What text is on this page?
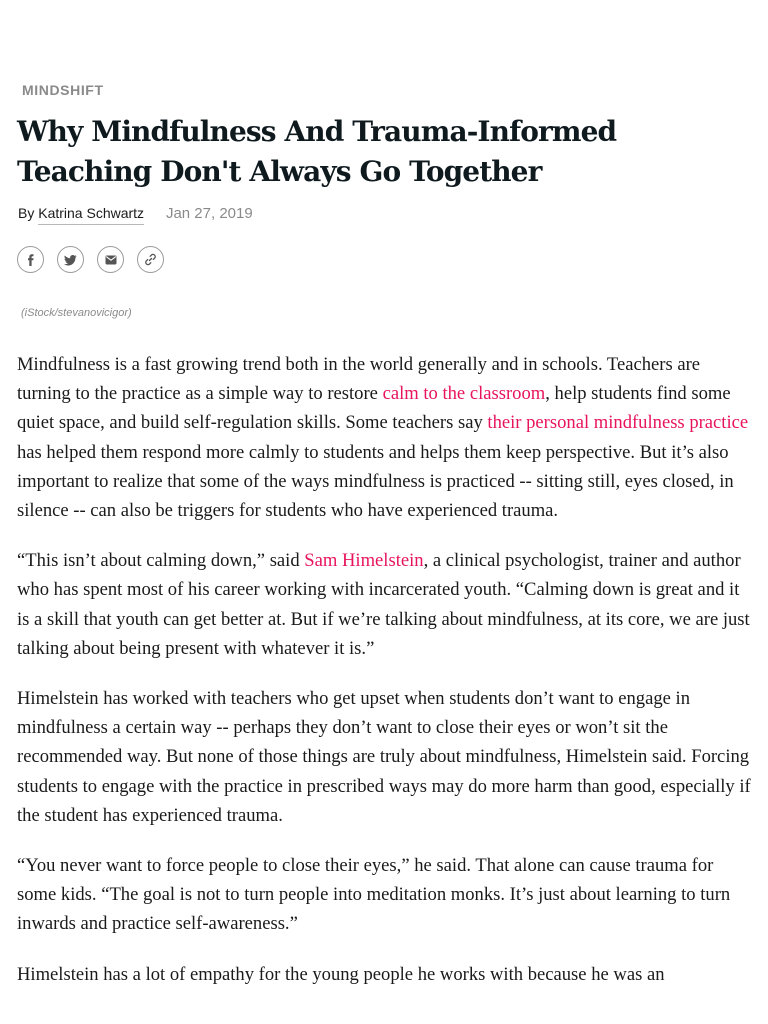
MINDSHIFT
Why Mindfulness And Trauma-Informed Teaching Don't Always Go Together
By Katrina Schwartz Jan 27, 2019
(iStock/stevanovicigor)

Mindfulness is a fast growing trend both in the world generally and in schools. Teachers are turning to the practice as a simple way to restore calm to the classroom, help students find some quiet space, and build self-regulation skills. Some teachers say their personal mindfulness practice has helped them respond more calmly to students and helps them keep perspective. But it’s also important to realize that some of the ways mindfulness is practiced -- sitting still, eyes closed, in silence -- can also be triggers for students who have experienced trauma.

“This isn’t about calming down,” said Sam Himelstein, a clinical psychologist, trainer and author who has spent most of his career working with incarcerated youth. “Calming down is great and it is a skill that youth can get better at. But if we’re talking about mindfulness, at its core, we are just talking about being present with whatever it is.”

Himelstein has worked with teachers who get upset when students don’t want to engage in mindfulness a certain way -- perhaps they don’t want to close their eyes or won’t sit the recommended way. But none of those things are truly about mindfulness, Himelstein said. Forcing students to engage with the practice in prescribed ways may do more harm than good, especially if the student has experienced trauma.

“You never want to force people to close their eyes,” he said. That alone can cause trauma for some kids. “The goal is not to turn people into meditation monks. It’s just about learning to turn inwards and practice self-awareness.”

Himelstein has a lot of empathy for the young people he works with because he was an
